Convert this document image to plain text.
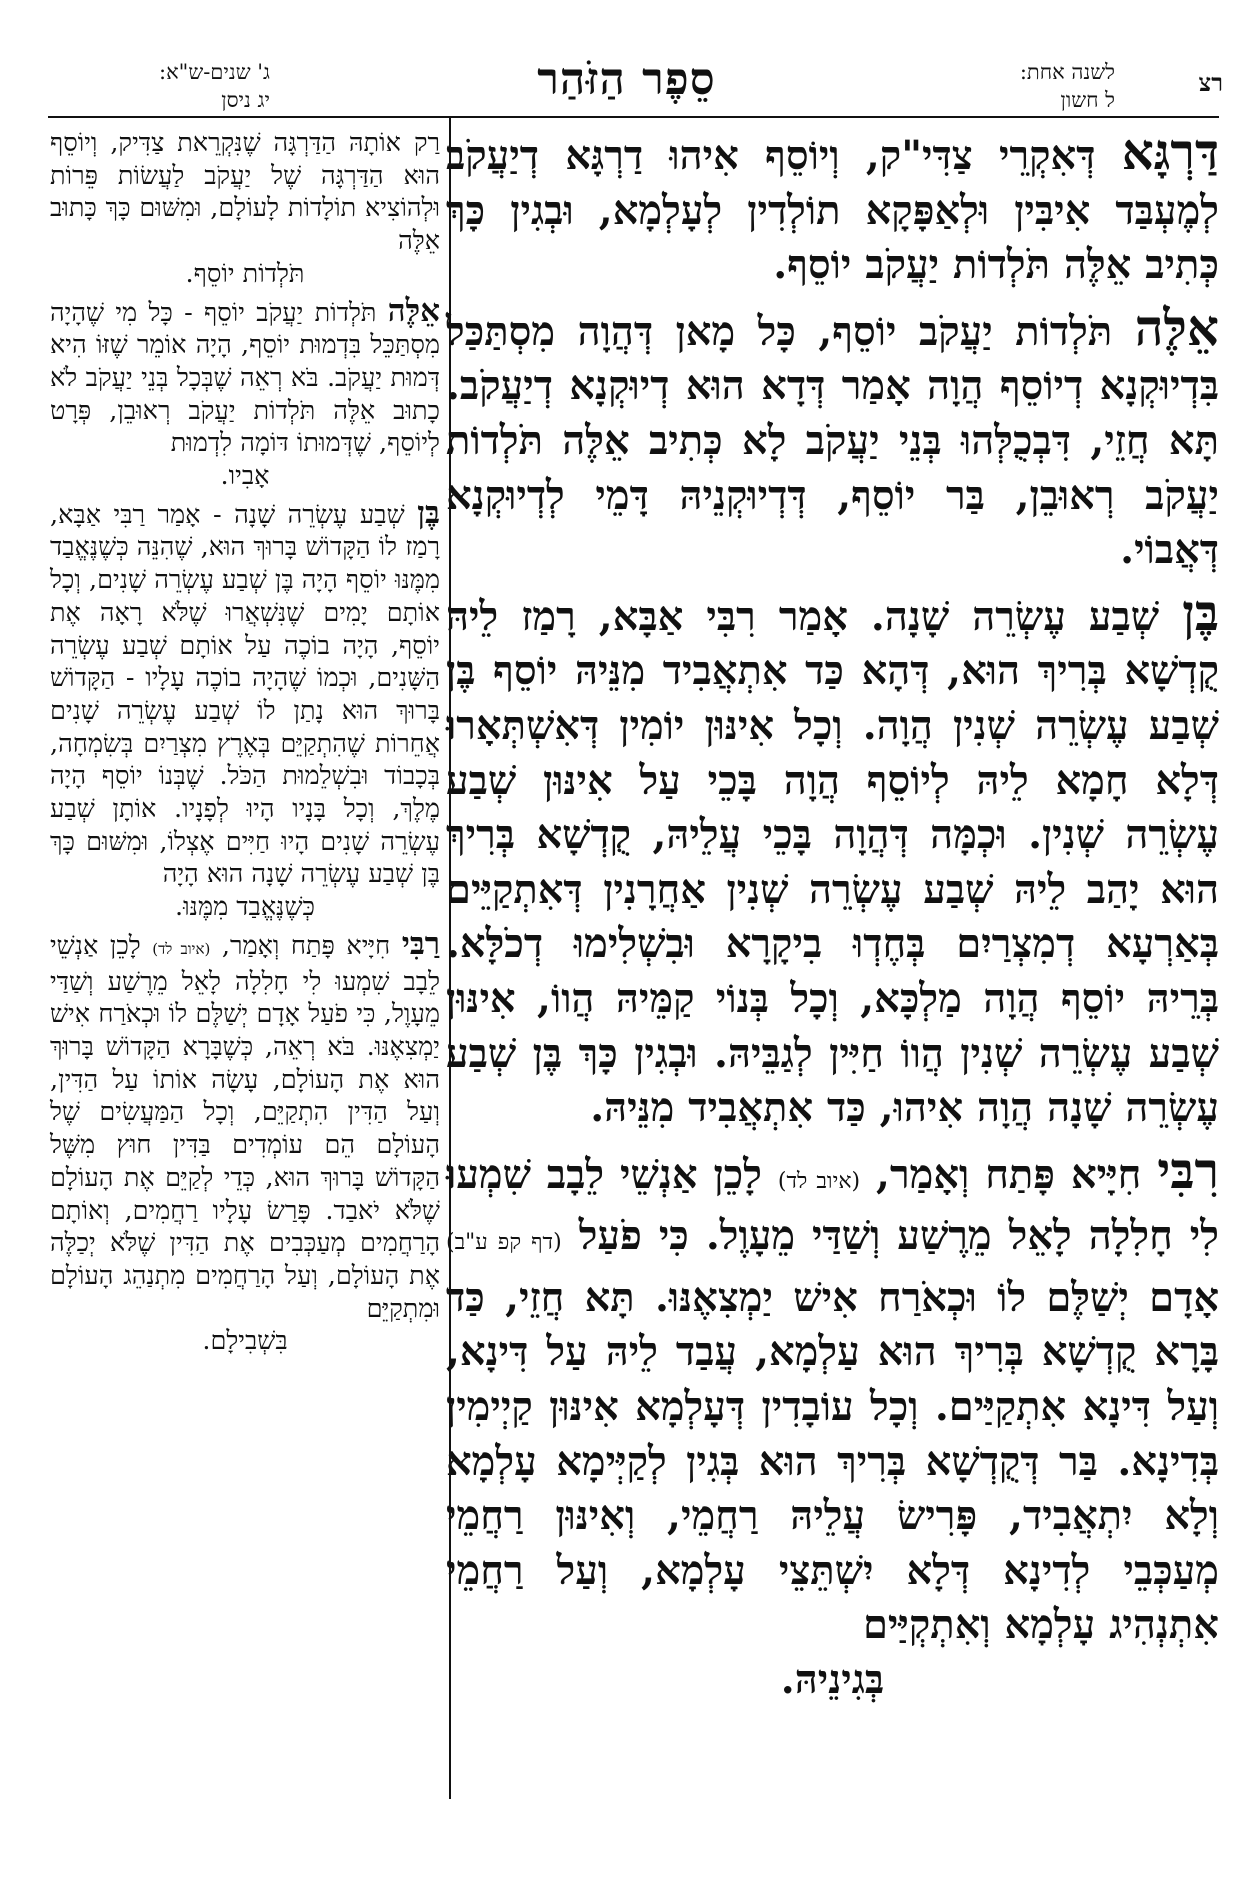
רצ
לשנה אחת:
ל חשון
סֵפֶר הַזֹּהַר
ג' שנים-ש"א:
יג ניסן

דַּרְגָּא דְּאִקְרֵי צַדִּי"ק, וְיוֹסֵף אִיהוּ דַרְגָּא דְיַעֲקֹב לְמֶעְבַּד אִיבִּין וּלְאַפָּקָא תוֹלְדִין לְעָלְמָא, וּבְגִין כָּךְ כְּתִיב אֵלֶּה תֹּלְדוֹת יַעֲקֹב יוֹסֵף.

אֵלֶּה תֹּלְדוֹת יַעֲקֹב יוֹסֵף, כָּל מָאן דְּהֲוָה מִסְתַּכַּל בִּדְיוּקְנָא דְיוֹסֵף הֲוָה אָמַר דְּדָא הוּא דְיוּקְנָא דְיַעֲקֹב. תָּא חֲזֵי, דִּבְכֻלְּהוּ בְּנֵי יַעֲקֹב לָא כְּתִיב אֵלֶּה תֹּלְדוֹת יַעֲקֹב רְאוּבֵן, בַּר יוֹסֵף, דְּדְיוּקְנֵיהּ דָּמֵי לְדְיוּקְנָא דְּאֲבוֹי.

בֶּן שְׁבַע עֶשְׂרֵה שָׁנָה. אָמַר רִבִּי אַבָּא, רָמַז לֵיהּ קֻדְשָׁא בְּרִיךְ הוּא, דְּהָא כַּד אִתְאֲבִיד מִנֵּיהּ יוֹסֵף בֶּן שְׁבַע עֶשְׂרֵה שְׁנִין הֲוָה. וְכָל אִינּוּן יוֹמִין דְּאִשְׁתְּאָרוּ דְּלָא חָמָא לֵיהּ לְיוֹסֵף הֲוָה בָּכֵי עַל אִינּוּן שְׁבַע עֶשְׂרֵה שְׁנִין. וּכְמָּה דְּהֲוָה בָּכֵי עֲלֵיהּ, קֻדְשָׁא בְּרִיךְ הוּא יָהַב לֵיהּ שְׁבַע עֶשְׂרֵה שְׁנִין אַחֲרָנִין דְּאִתְקַיֵּים בְּאַרְעָא דְמִצְרַיִם בְּחֶדְוּ בִיקָרָא וּבִשְׁלִימוּ דְכֹלָּא. בְּרֵיהּ יוֹסֵף הֲוָה מַלְכָּא, וְכָל בְּנוֹי קַמֵּיהּ הֲווֹ, אִינּוּן שְׁבַע עֶשְׂרֵה שְׁנִין הֲווֹ חַיִּין לְגַבֵּיהּ. וּבְגִין כָּךְ בֶּן שְׁבַע עֶשְׂרֵה שָׁנָה הֲוָה אִיהוּ, כַּד אִתְאֲבִיד מִנֵּיהּ.

רִבִּי חִיָּיא פָּתַח וְאָמַר, (איוב לד) לָכֵן אַנְשֵׁי לֵבָב שִׁמְעוּ לִי חָלִלָה לָאֵל מֵרֶשַׁע וְשַׁדַּי מֵעָוֶל. כִּי פֹעַל (דף קפ ע"ב) אָדָם יְשַׁלֶּם לוֹ וּכְאֹרַח אִישׁ יַמְצִאֶנּוּ. תָּא חֲזֵי, כַּד בָּרָא קֻדְשָׁא בְּרִיךְ הוּא עַלְמָא, עֲבַד לֵיהּ עַל דִּינָא, וְעַל דִּינָא אִתְקַיַּים. וְכָל עוֹבָדִין דְּעָלְמָא אִינּוּן קַיְימִין בְּדִינָא. בַּר דְּקֻדְשָׁא בְּרִיךְ הוּא בְּגִין לְקַיְּימָא עָלְמָא וְלָא יִתְאֲבִיד, פָּרִישׂ עֲלֵיהּ רַחֲמֵי, וְאִינּוּן רַחֲמֵי מְעַכְּבֵי לְדִינָא דְּלָא יִשְׁתֵּצֵי עָלְמָא, וְעַל רַחֲמֵי אִתְנְהִיג עָלְמָא וְאִתְקְיַּים

בְּגִינֵיהּ.

רַק אוֹתָהּ הַדַּרְגָּה שֶׁנִּקְרֵאת צַדִּיק, וְיוֹסֵף הוּא הַדַּרְגָּה שֶׁל יַעֲקֹב לַעֲשׂוֹת פֵּרוֹת וּלְהוֹצִיא תוֹלָדוֹת לָעוֹלָם, וּמִשּׁוּם כָּךְ כָּתוּב אֵלֶּה

תֹּלְדוֹת יוֹסֵף.

אֵלֶּה תֹּלְדוֹת יַעֲקֹב יוֹסֵף - כָּל מִי שֶׁהָיָה מִסְתַּכֵּל בִּדְמוּת יוֹסֵף, הָיָה אוֹמֵר שֶׁזּוֹ הִיא דְּמוּת יַעֲקֹב. בֹּא רְאֵה שֶׁבְּכָל בְּנֵי יַעֲקֹב לֹא כָתוּב אֵלֶּה תֹּלְדוֹת יַעֲקֹב רְאוּבֵן, פְּרָט לְיוֹסֵף, שֶׁדְּמוּתוֹ דּוֹמָה לִדְמוּת

אָבִיו.

בֶּן שְׁבַע עֶשְׂרֵה שָׁנָה - אָמַר רַבִּי אַבָּא, רָמַז לוֹ הַקָּדוֹשׁ בָּרוּךְ הוּא, שֶׁהִנֵּה כְּשֶׁנֶּאֱבַד מִמֶּנּוּ יוֹסֵף הָיָה בֶּן שְׁבַע עֶשְׂרֵה שָׁנִים, וְכָל אוֹתָם יָמִים שֶׁנִּשְׁאֲרוּ שֶׁלֹּא רָאָה אֶת יוֹסֵף, הָיָה בוֹכֶה עַל אוֹתָם שְׁבַע עֶשְׂרֵה הַשָּׁנִים, וּכְמוֹ שֶׁהָיָה בוֹכֶה עָלָיו - הַקָּדוֹשׁ בָּרוּךְ הוּא נָתַן לוֹ שְׁבַע עֶשְׂרֵה שָׁנִים אֲחֵרוֹת שֶׁהִתְקַיֵּם בְּאֶרֶץ מִצְרַיִם בְּשִׂמְחָה, בְּכָבוֹד וּבִשְׁלֵמוּת הַכֹּל. שֶׁבְּנוֹ יוֹסֵף הָיָה מֶלֶךְ, וְכָל בָּנָיו הָיוּ לְפָנָיו. אוֹתָן שְׁבַע עֶשְׂרֵה שָׁנִים הָיוּ חַיִּים אֶצְלוֹ, וּמִשּׁוּם כָּךְ בֶּן שְׁבַע עֶשְׂרֵה שָׁנָה הוּא הָיָה

כְּשֶׁנֶּאֱבַד מִמֶּנּוּ.

רַבִּי חִיָּיא פָּתַח וְאָמַר, (איוב לד) לָכֵן אַנְשֵׁי לֵבָב שִׁמְעוּ לִי חָלִלָה לָאֵל מֵרֶשַׁע וְשַׁדַּי מֵעָוֶל, כִּי פֹעַל אָדָם יְשַׁלֶּם לוֹ וּכְאֹרַח אִישׁ יַמְצִאֶנּוּ. בֹּא רְאֵה, כְּשֶׁבָּרָא הַקָּדוֹשׁ בָּרוּךְ הוּא אֶת הָעוֹלָם, עָשָׂה אוֹתוֹ עַל הַדִּין, וְעַל הַדִּין הִתְקַיֵּם, וְכָל הַמַּעֲשִׂים שֶׁל הָעוֹלָם הֵם עוֹמְדִים בַּדִּין חוּץ מִשֶּׁל הַקָּדוֹשׁ בָּרוּךְ הוּא, כְּדֵי לְקַיֵּם אֶת הָעוֹלָם שֶׁלֹּא יֹאבַד. פָּרַשׂ עָלָיו רַחֲמִים, וְאוֹתָם הָרַחֲמִים מְעַכְּבִים אֶת הַדִּין שֶׁלֹּא יְכַלֶּה אֶת הָעוֹלָם, וְעַל הָרַחֲמִים מִתְנַהֵג הָעוֹלָם וּמִתְקַיֵּם

בִּשְׁבִילָם.
